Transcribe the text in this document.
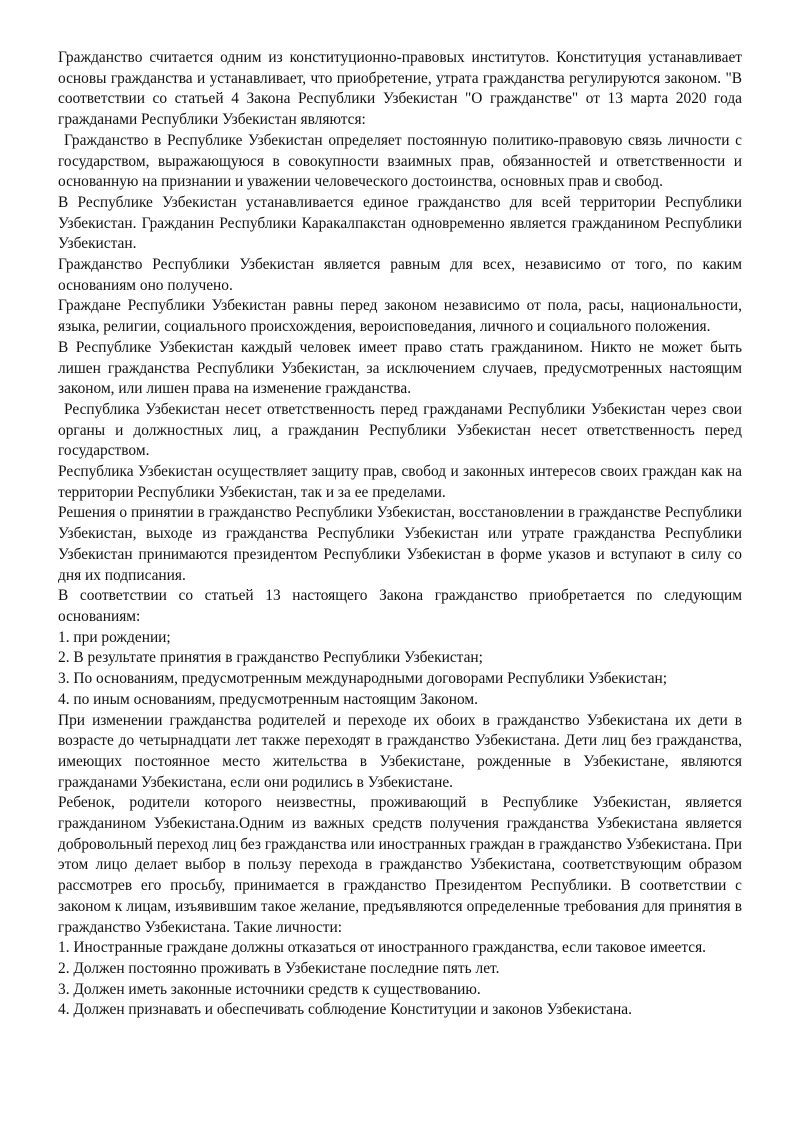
Гражданство считается одним из конституционно-правовых институтов. Конституция устанавливает основы гражданства и устанавливает, что приобретение, утрата гражданства регулируются законом. "В соответствии со статьей 4 Закона Республики Узбекистан "О гражданстве" от 13 марта 2020 года гражданами Республики Узбекистан являются:

Гражданство в Республике Узбекистан определяет постоянную политико-правовую связь личности с государством, выражающуюся в совокупности взаимных прав, обязанностей и ответственности и основанную на признании и уважении человеческого достоинства, основных прав и свобод.

В Республике Узбекистан устанавливается единое гражданство для всей территории Республики Узбекистан. Гражданин Республики Каракалпакстан одновременно является гражданином Республики Узбекистан.

Гражданство Республики Узбекистан является равным для всех, независимо от того, по каким основаниям оно получено.

Граждане Республики Узбекистан равны перед законом независимо от пола, расы, национальности, языка, религии, социального происхождения, вероисповедания, личного и социального положения.

В Республике Узбекистан каждый человек имеет право стать гражданином. Никто не может быть лишен гражданства Республики Узбекистан, за исключением случаев, предусмотренных настоящим законом, или лишен права на изменение гражданства.

Республика Узбекистан несет ответственность перед гражданами Республики Узбекистан через свои органы и должностных лиц, а гражданин Республики Узбекистан несет ответственность перед государством.

Республика Узбекистан осуществляет защиту прав, свобод и законных интересов своих граждан как на территории Республики Узбекистан, так и за ее пределами.

Решения о принятии в гражданство Республики Узбекистан, восстановлении в гражданстве Республики Узбекистан, выходе из гражданства Республики Узбекистан или утрате гражданства Республики Узбекистан принимаются президентом Республики Узбекистан в форме указов и вступают в силу со дня их подписания.

В соответствии со статьей 13 настоящего Закона гражданство приобретается по следующим основаниям:

1. при рождении;

2. В результате принятия в гражданство Республики Узбекистан;

3. По основаниям, предусмотренным международными договорами Республики Узбекистан;

4. по иным основаниям, предусмотренным настоящим Законом.

При изменении гражданства родителей и переходе их обоих в гражданство Узбекистана их дети в возрасте до четырнадцати лет также переходят в гражданство Узбекистана. Дети лиц без гражданства, имеющих постоянное место жительства в Узбекистане, рожденные в Узбекистане, являются гражданами Узбекистана, если они родились в Узбекистане.

Ребенок, родители которого неизвестны, проживающий в Республике Узбекистан, является гражданином Узбекистана.Одним из важных средств получения гражданства Узбекистана является добровольный переход лиц без гражданства или иностранных граждан в гражданство Узбекистана. При этом лицо делает выбор в пользу перехода в гражданство Узбекистана, соответствующим образом рассмотрев его просьбу, принимается в гражданство Президентом Республики. В соответствии с законом к лицам, изъявившим такое желание, предъявляются определенные требования для принятия в гражданство Узбекистана. Такие личности:

1. Иностранные граждане должны отказаться от иностранного гражданства, если таковое имеется.

2. Должен постоянно проживать в Узбекистане последние пять лет.

3. Должен иметь законные источники средств к существованию.

4. Должен признавать и обеспечивать соблюдение Конституции и законов Узбекистана.
